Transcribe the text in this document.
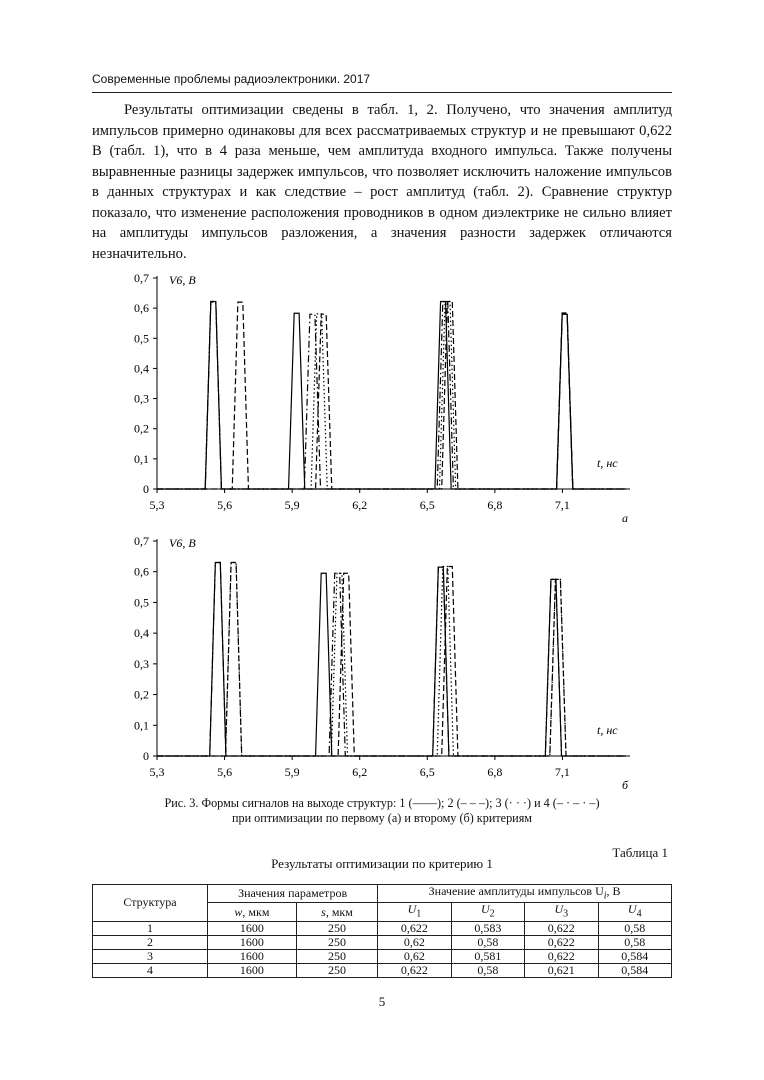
Современные проблемы радиоэлектроники. 2017

Результаты оптимизации сведены в табл. 1, 2. Получено, что значения амплитуд импульсов примерно одинаковы для всех рассматриваемых структур и не превышают 0,622 В (табл. 1), что в 4 раза меньше, чем амплитуда входного импульса. Также получены выравненные разницы задержек импульсов, что позволяет исключить наложение импульсов в данных структурах и как следствие – рост амплитуд (табл. 2). Сравнение структур показало, что изменение расположения проводников в одном диэлектрике не сильно влияет на амплитуды импульсов разложения, а значения разности задержек отличаются незначительно.

0
0,1
0,2
0,3
0,4
0,5
0,6
0,7
5,3	5,6	5,9	6,2	6,5	6,8	7,1
V6, В
t, нс
а
0
0,1
0,2
0,3
0,4
0,5
0,6
0,7
5,3	5,6	5,9	6,2	6,5	6,8	7,1
V6, В
t, нс
б
Рис. 3. Формы сигналов на выходе структур: 1 (——); 2 (– – –); 3 (· · ·) и 4 (– · – · –)
при оптимизации по первому (а) и второму (б) критериям
Таблица 1
Результаты оптимизации по критерию 1
Структура	Значения параметров		Значение амплитуды импульсов $U_i$, В			
	w, мкм	s, мкм	$U_1$	$U_2$	$U_3$	$U_4$
1	1600	250	0,622	0,583	0,622	0,58
2	1600	250	0,62	0,58	0,622	0,58
3	1600	250	0,62	0,581	0,622	0,584
4	1600	250	0,622	0,58	0,621	0,584
5
